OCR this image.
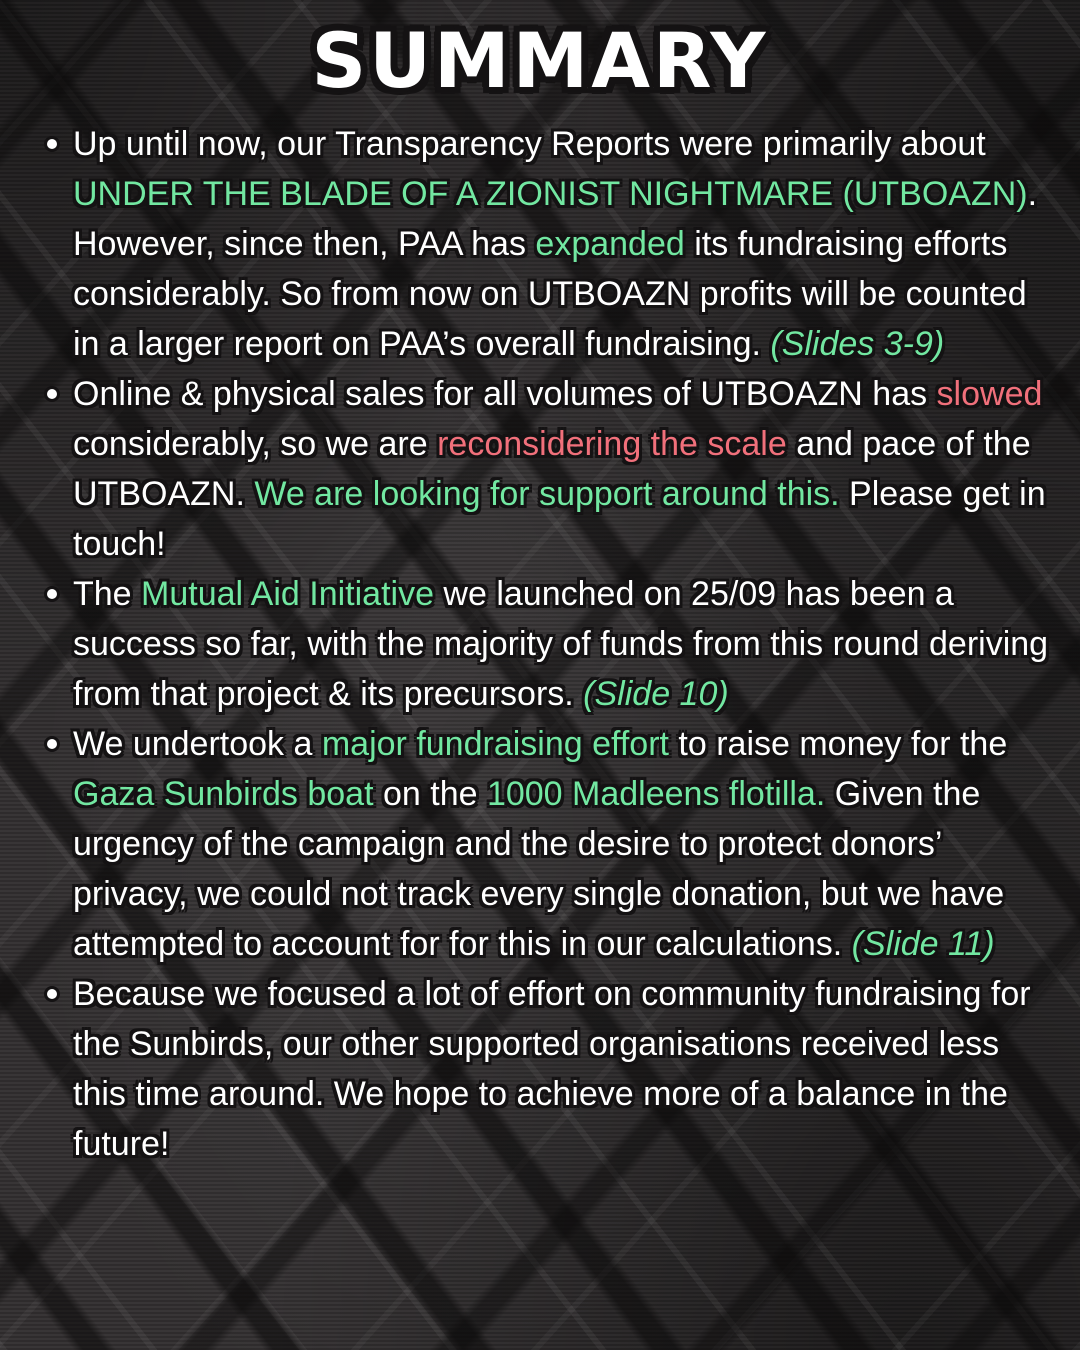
SUMMARY
Up until now, our Transparency Reports were primarily about UNDER THE BLADE OF A ZIONIST NIGHTMARE (UTBOAZN). However, since then, PAA has expanded its fundraising efforts considerably. So from now on UTBOAZN profits will be counted in a larger report on PAA’s overall fundraising. (Slides 3-9)
Online & physical sales for all volumes of UTBOAZN has slowed considerably, so we are reconsidering the scale and pace of the UTBOAZN. We are looking for support around this. Please get in touch!
The Mutual Aid Initiative we launched on 25/09 has been a success so far, with the majority of funds from this round deriving from that project & its precursors. (Slide 10)
We undertook a major fundraising effort to raise money for the Gaza Sunbirds boat on the 1000 Madleens flotilla. Given the urgency of the campaign and the desire to protect donors’ privacy, we could not track every single donation, but we have attempted to account for for this in our calculations. (Slide 11)
Because we focused a lot of effort on community fundraising for the Sunbirds, our other supported organisations received less this time around. We hope to achieve more of a balance in the future!
